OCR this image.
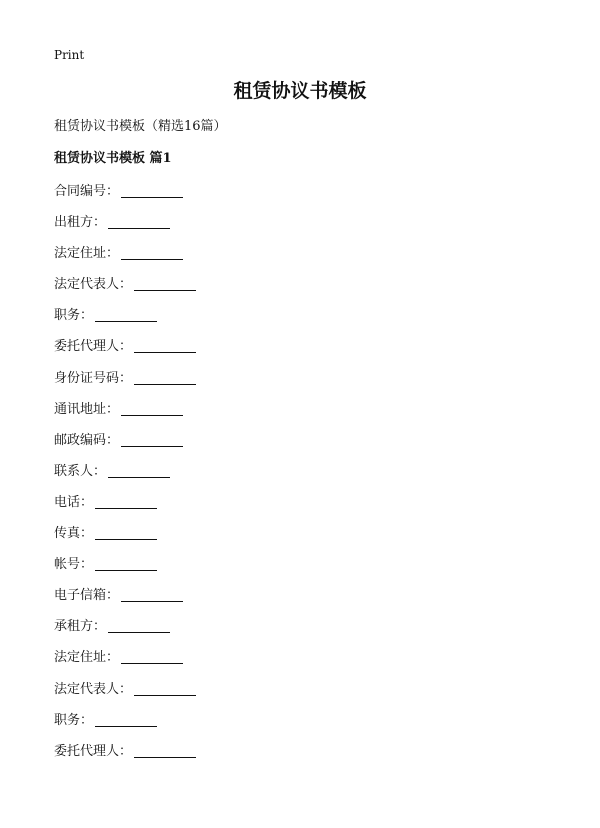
Print
租赁协议书模板
租赁协议书模板（精选16篇）
租赁协议书模板 篇1
合同编号：
出租方：
法定住址：
法定代表人：
职务：
委托代理人：
身份证号码：
通讯地址：
邮政编码：
联系人：
电话：
传真：
帐号：
电子信箱：
承租方：
法定住址：
法定代表人：
职务：
委托代理人：
